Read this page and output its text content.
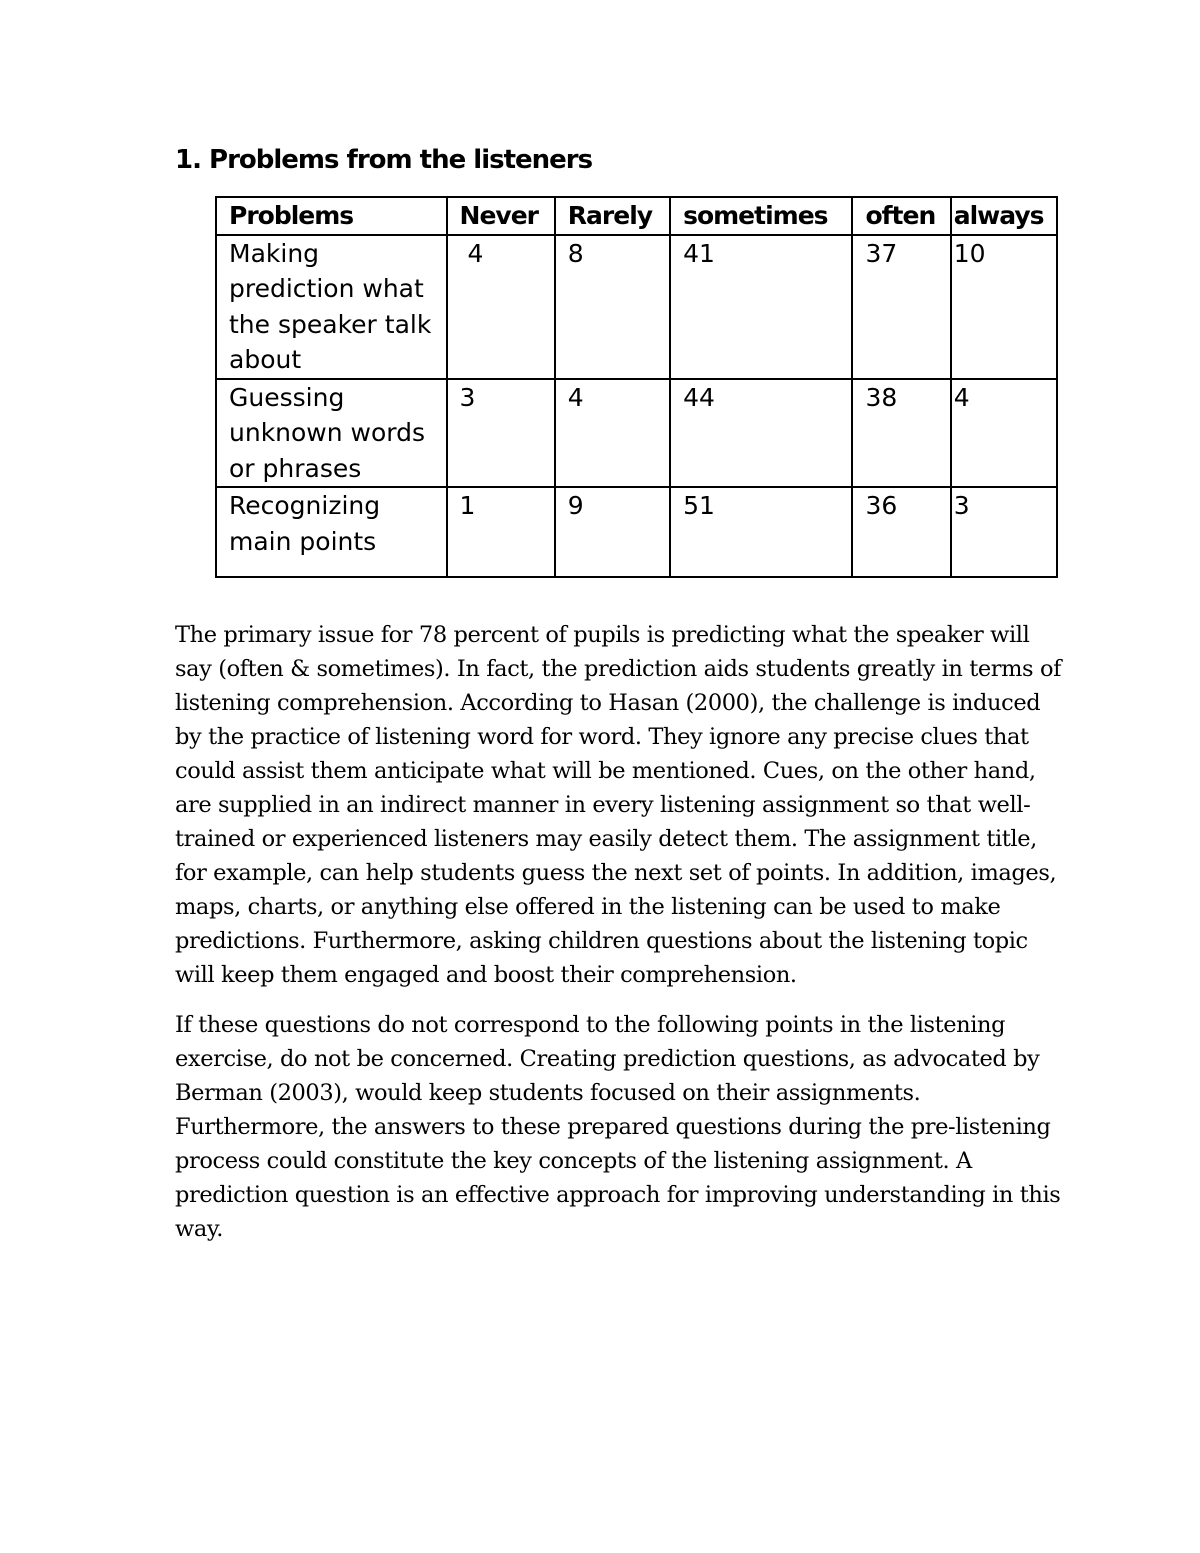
1. Problems from the listeners
Problems	Never	Rarely	sometimes	often	always
Making prediction what the speaker talk about	4	8	41	37	10
Guessing unknown words or phrases	3	4	44	38	4
Recognizing main points	1	9	51	36	3

The primary issue for 78 percent of pupils is predicting what the speaker will say (often & sometimes). In fact, the prediction aids students greatly in terms of listening comprehension. According to Hasan (2000), the challenge is induced by the practice of listening word for word. They ignore any precise clues that could assist them anticipate what will be mentioned. Cues, on the other hand, are supplied in an indirect manner in every listening assignment so that well-trained or experienced listeners may easily detect them. The assignment title, for example, can help students guess the next set of points. In addition, images, maps, charts, or anything else offered in the listening can be used to make predictions. Furthermore, asking children questions about the listening topic will keep them engaged and boost their comprehension.

If these questions do not correspond to the following points in the listening exercise, do not be concerned. Creating prediction questions, as advocated by Berman (2003), would keep students focused on their assignments. Furthermore, the answers to these prepared questions during the pre-listening process could constitute the key concepts of the listening assignment. A prediction question is an effective approach for improving understanding in this way.
